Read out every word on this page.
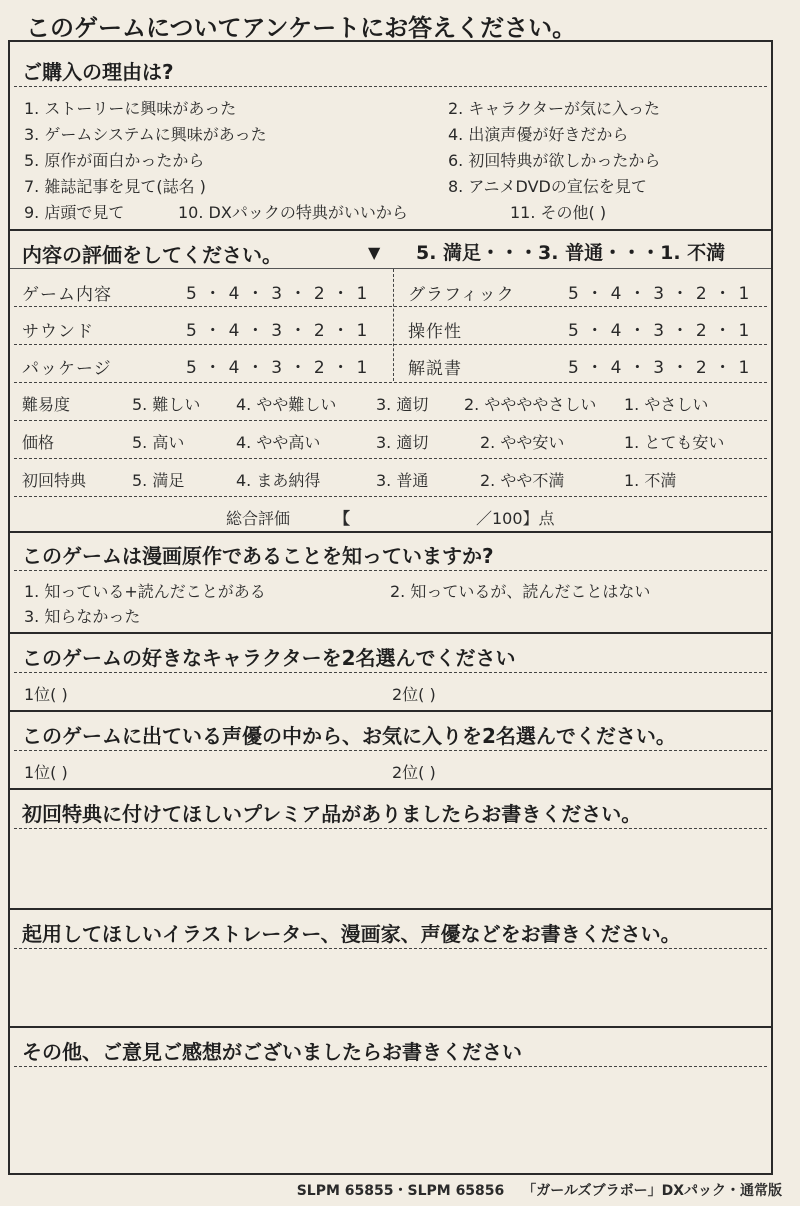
このゲームについてアンケートにお答えください。
ご購入の理由は?
1. ストーリーに興味があった	2. キャラクターが気に入った
3. ゲームシステムに興味があった	4. 出演声優が好きだから
5. 原作が面白かったから	6. 初回特典が欲しかったから
7. 雑誌記事を見て(誌名 )	8. アニメDVDの宣伝を見て
9. 店頭で見て	10. DXパックの特典がいいから	11. その他( )
内容の評価をしてください。	▼ 5. 満足・・・3. 普通・・・1. 不満
ゲーム内容	5 ・ 4 ・ 3 ・ 2 ・ 1 グラフィック	5 ・ 4 ・ 3 ・ 2 ・ 1
サウンド	5 ・ 4 ・ 3 ・ 2 ・ 1 操作性	5 ・ 4 ・ 3 ・ 2 ・ 1
パッケージ	5 ・ 4 ・ 3 ・ 2 ・ 1 解説書	5 ・ 4 ・ 3 ・ 2 ・ 1
難易度	5. 難しい 4. やや難しい 3. 適切 2. ややややさしい 1. やさしい
価格	5. 高い	4. やや高い	3. 適切	2. やや安い	1. とても安い
初回特典	5. 満足	4. まあ納得	3. 普通	2. やや不満	1. 不満
総合評価	【	／100】点
このゲームは漫画原作であることを知っていますか?
1. 知っている+読んだことがある	2. 知っているが、読んだことはない
3. 知らなかった
このゲームの好きなキャラクターを2名選んでください
1位( )	2位( )
このゲームに出ている声優の中から、お気に入りを2名選んでください。
1位( )	2位( )
初回特典に付けてほしいプレミア品がありましたらお書きください。
起用してほしいイラストレーター、漫画家、声優などをお書きください。
その他、ご意見ご感想がございましたらお書きください
SLPM 65855・SLPM 65856 「ガールズブラボー」DXパック・通常版
